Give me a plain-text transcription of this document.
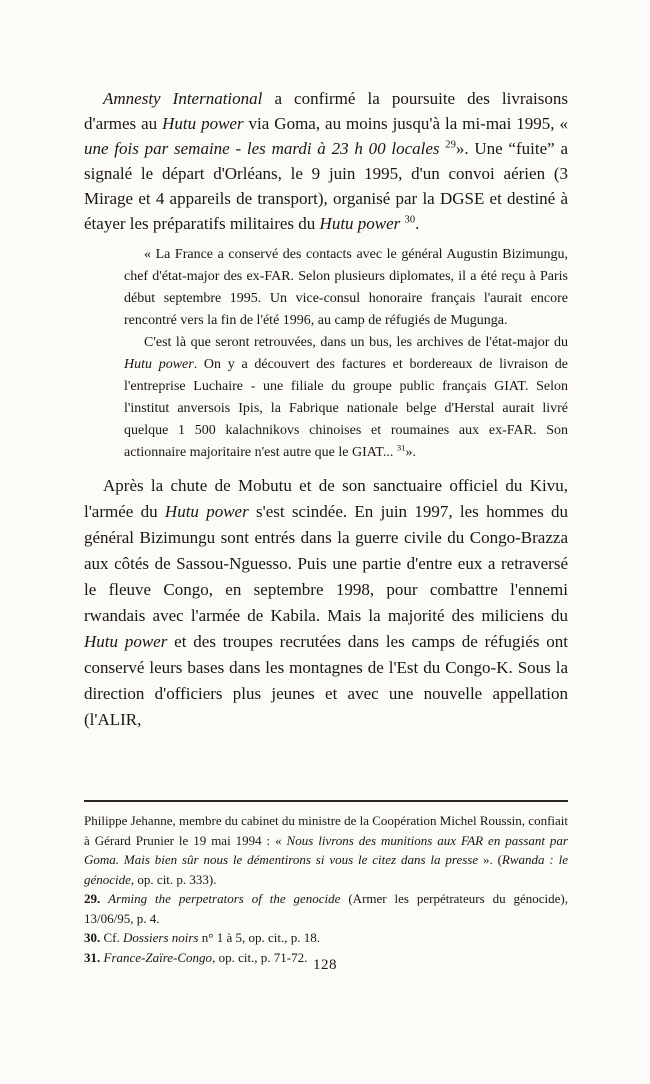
Amnesty International a confirmé la poursuite des livraisons d'armes au Hutu power via Goma, au moins jusqu'à la mi-mai 1995, « une fois par semaine - les mardi à 23 h 00 locales $^{29}$». Une “fuite” a signalé le départ d'Orléans, le 9 juin 1995, d'un convoi aérien (3 Mirage et 4 appareils de transport), organisé par la DGSE et destiné à étayer les préparatifs militaires du Hutu power $^{30}$.

« La France a conservé des contacts avec le général Augustin Bizimungu, chef d'état-major des ex-FAR. Selon plusieurs diplomates, il a été reçu à Paris début septembre 1995. Un vice-consul honoraire français l'aurait encore rencontré vers la fin de l'été 1996, au camp de réfugiés de Mugunga.

C'est là que seront retrouvées, dans un bus, les archives de l'état-major du Hutu power. On y a découvert des factures et bordereaux de livraison de l'entreprise Luchaire - une filiale du groupe public français GIAT. Selon l'institut anversois Ipis, la Fabrique nationale belge d'Herstal aurait livré quelque 1 500 kalachnikovs chinoises et roumaines aux ex-FAR. Son actionnaire majoritaire n'est autre que le GIAT... $^{31}$».

Après la chute de Mobutu et de son sanctuaire officiel du Kivu, l'armée du Hutu power s'est scindée. En juin 1997, les hommes du général Bizimungu sont entrés dans la guerre civile du Congo-Brazza aux côtés de Sassou-Nguesso. Puis une partie d'entre eux a retraversé le fleuve Congo, en septembre 1998, pour combattre l'ennemi rwandais avec l'armée de Kabila. Mais la majorité des miliciens du Hutu power et des troupes recrutées dans les camps de réfugiés ont conservé leurs bases dans les montagnes de l'Est du Congo-K. Sous la direction d'officiers plus jeunes et avec une nouvelle appellation (l'ALIR,

Philippe Jehanne, membre du cabinet du ministre de la Coopération Michel Roussin, confiait à Gérard Prunier le 19 mai 1994 : « Nous livrons des munitions aux FAR en passant par Goma. Mais bien sûr nous le démentirons si vous le citez dans la presse ». (Rwanda : le génocide, op. cit. p. 333).

29. Arming the perpetrators of the genocide (Armer les perpétrateurs du génocide), 13/06/95, p. 4.

30. Cf. Dossiers noirs n° 1 à 5, op. cit., p. 18.

31. France-Zaïre-Congo, op. cit., p. 71-72. 128
